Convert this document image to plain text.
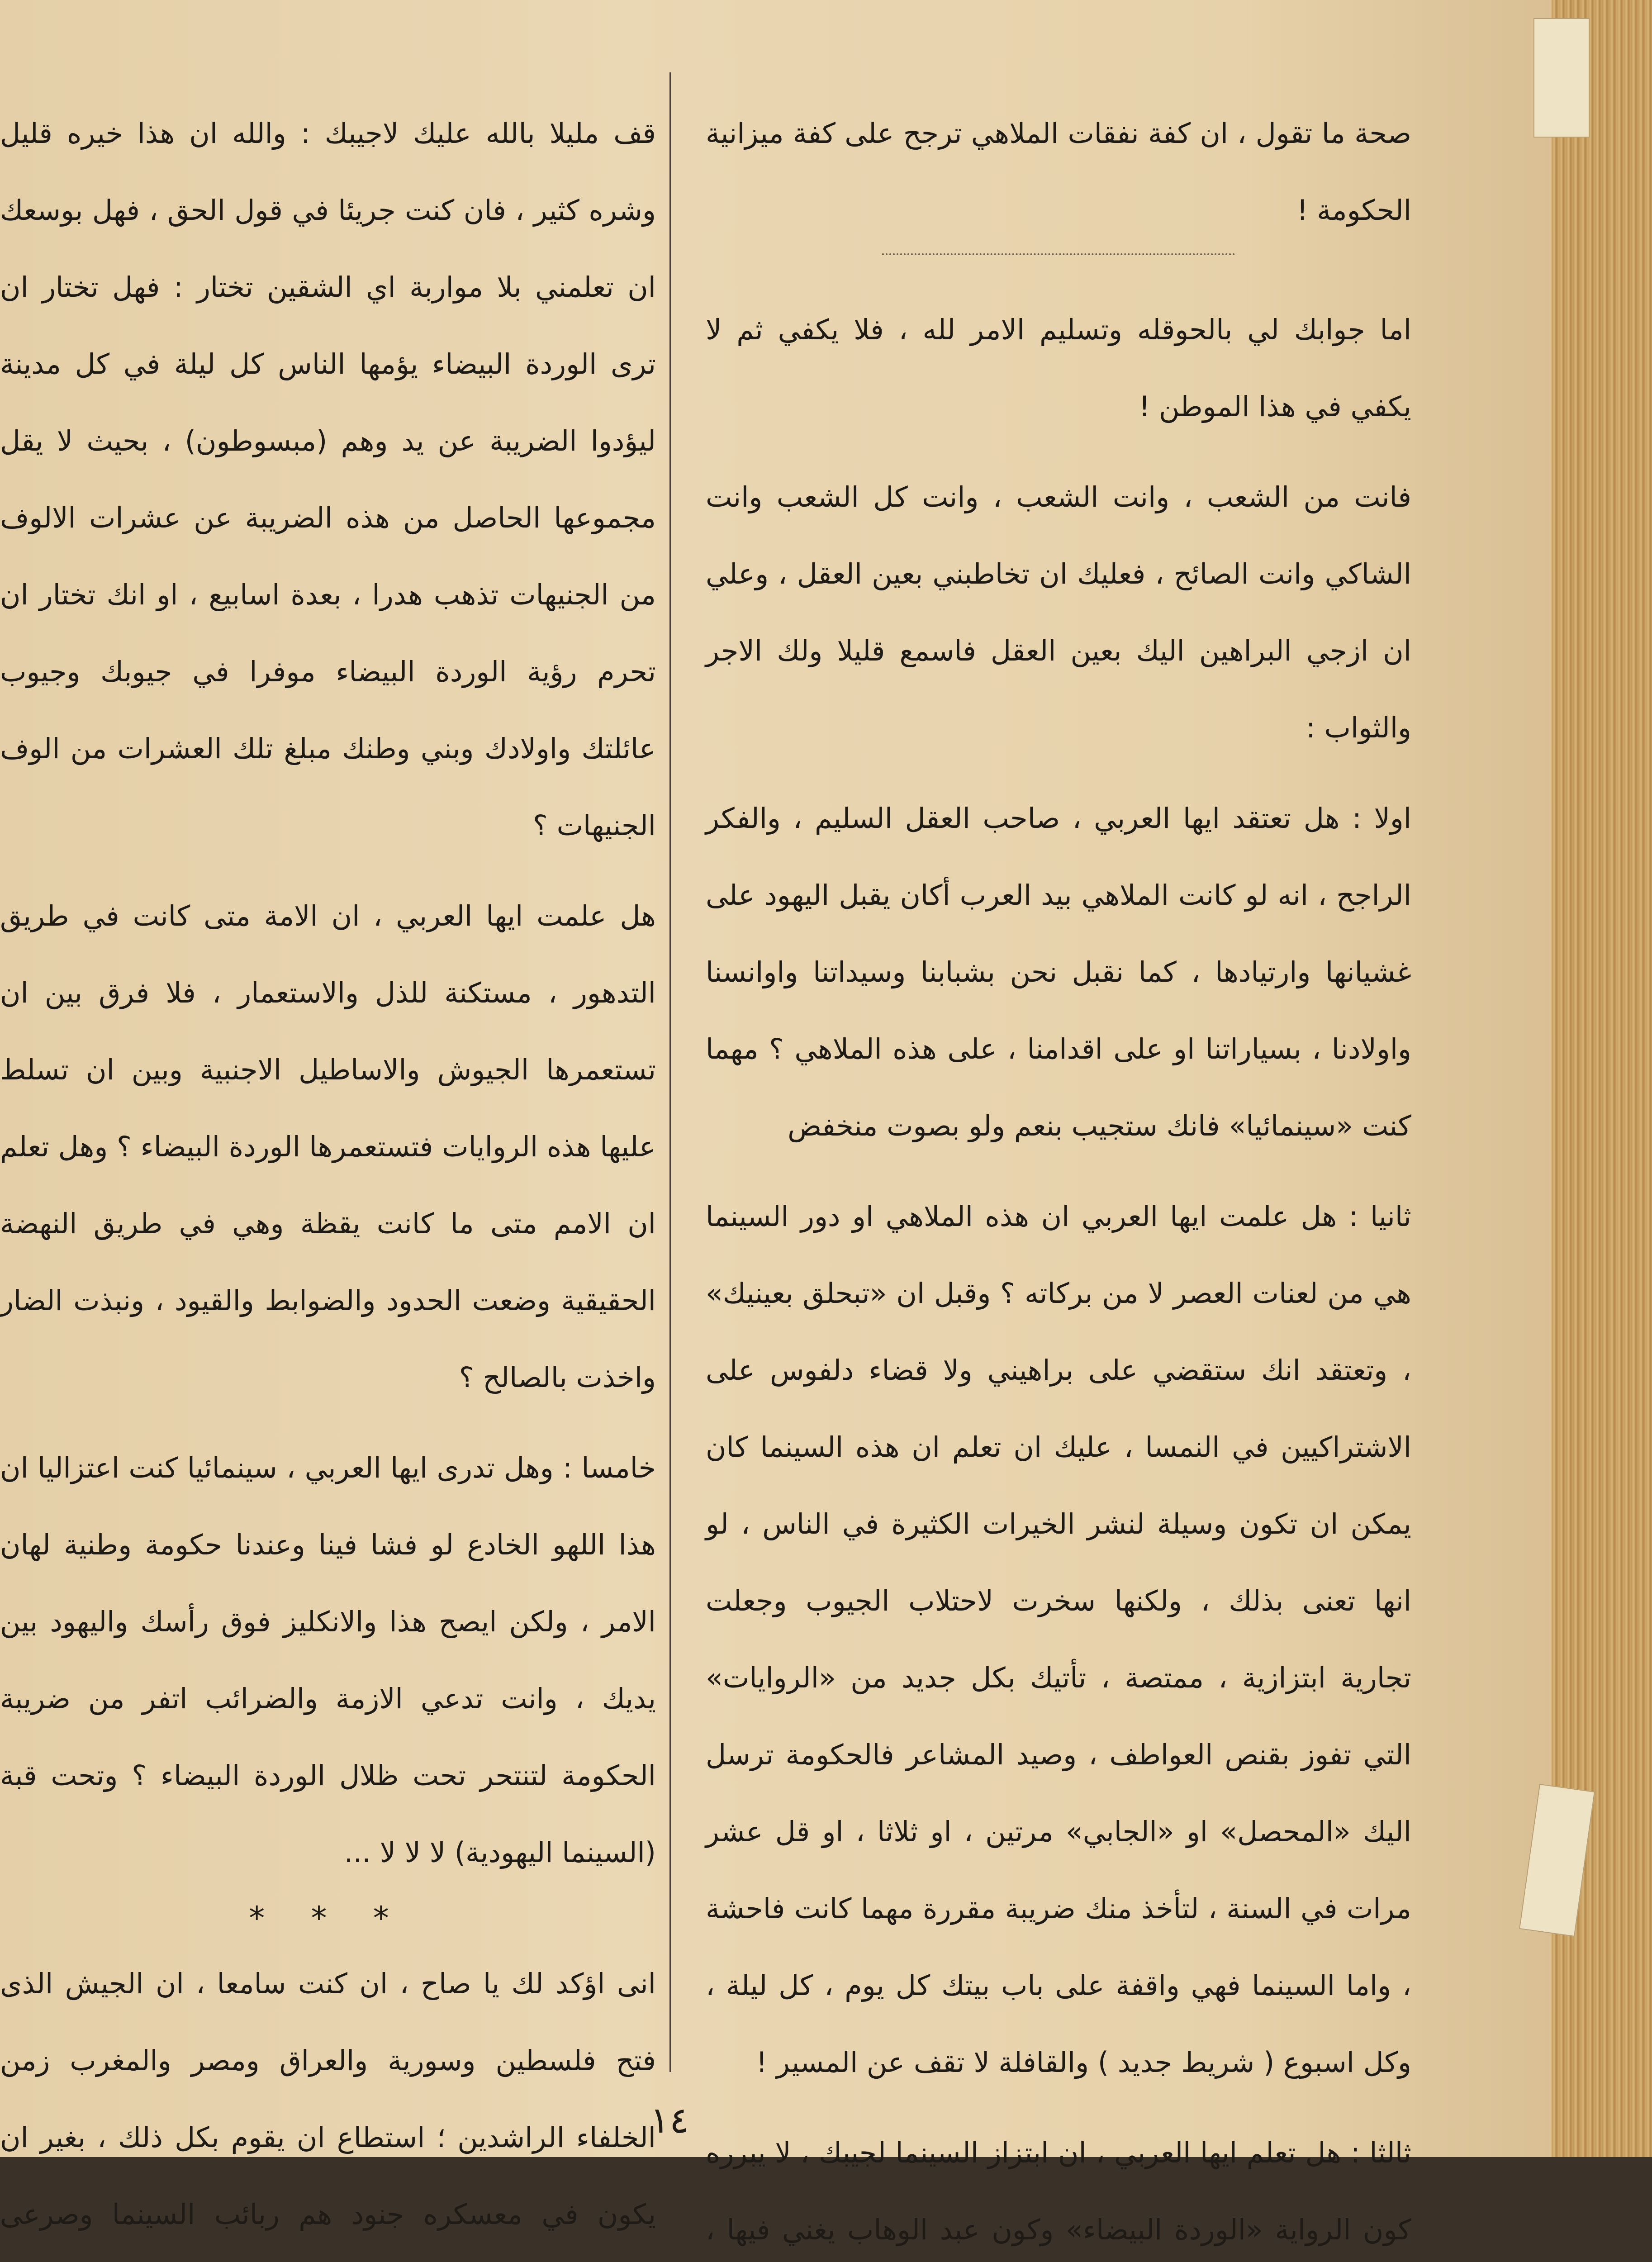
صحة ما تقول ، ان كفة نفقات الملاهي ترجح على كفة ميزانية الحكومة !

اما جوابك لي بالحوقله وتسليم الامر لله ، فلا يكفي ثم لا يكفي في هذا الموطن !

فانت من الشعب ، وانت الشعب ، وانت كل الشعب وانت الشاكي وانت الصائح ، فعليك ان تخاطبني بعين العقل ، وعلي ان ازجي البراهين اليك بعين العقل فاسمع قليلا ولك الاجر والثواب :

اولا : هل تعتقد ايها العربي ، صاحب العقل السليم ، والفكر الراجح ، انه لو كانت الملاهي بيد العرب أكان يقبل اليهود على غشيانها وارتيادها ، كما نقبل نحن بشبابنا وسيداتنا واوانسنا واولادنا ، بسياراتنا او على اقدامنا ، على هذه الملاهي ؟ مهما كنت «سينمائيا» فانك ستجيب بنعم ولو بصوت منخفض

ثانيا : هل علمت ايها العربي ان هذه الملاهي او دور السينما هي من لعنات العصر لا من بركاته ؟ وقبل ان «تبحلق بعينيك» ، وتعتقد انك ستقضي على براهيني ولا قضاء دلفوس على الاشتراكيين في النمسا ، عليك ان تعلم ان هذه السينما كان يمكن ان تكون وسيلة لنشر الخيرات الكثيرة في الناس ، لو انها تعنى بذلك ، ولكنها سخرت لاحتلاب الجيوب وجعلت تجارية ابتزازية ، ممتصة ، تأتيك بكل جديد من «الروايات» التي تفوز بقنص العواطف ، وصيد المشاعر فالحكومة ترسل اليك «المحصل» او «الجابي» مرتين ، او ثلاثا ، او قل عشر مرات في السنة ، لتأخذ منك ضريبة مقررة مهما كانت فاحشة ، واما السينما فهي واقفة على باب بيتك كل يوم ، كل ليلة ، وكل اسبوع ( شريط جديد ) والقافلة لا تقف عن المسير !

ثالثا : هل تعلم ايها العربي ، ان ابتزاز السينما لجيبك ، لا يبرره كون الرواية «الوردة البيضاء» وكون عبد الوهاب يغني فيها ،

قف مليلا بالله عليك لاجيبك : والله ان هذا خيره قليل وشره كثير ، فان كنت جريئا في قول الحق ، فهل بوسعك ان تعلمني بلا مواربة اي الشقين تختار : فهل تختار ان ترى الوردة البيضاء يؤمها الناس كل ليلة في كل مدينة ليؤدوا الضريبة عن يد وهم (مبسوطون) ، بحيث لا يقل مجموعها الحاصل من هذه الضريبة عن عشرات الالوف من الجنيهات تذهب هدرا ، بعدة اسابيع ، او انك تختار ان تحرم رؤية الوردة البيضاء موفرا في جيوبك وجيوب عائلتك واولادك وبني وطنك مبلغ تلك العشرات من الوف الجنيهات ؟

هل علمت ايها العربي ، ان الامة متى كانت في طريق التدهور ، مستكنة للذل والاستعمار ، فلا فرق بين ان تستعمرها الجيوش والاساطيل الاجنبية وبين ان تسلط عليها هذه الروايات فتستعمرها الوردة البيضاء ؟ وهل تعلم ان الامم متى ما كانت يقظة وهي في طريق النهضة الحقيقية وضعت الحدود والضوابط والقيود ، ونبذت الضار واخذت بالصالح ؟

خامسا : وهل تدرى ايها العربي ، سينمائيا كنت اعتزاليا ان هذا اللهو الخادع لو فشا فينا وعندنا حكومة وطنية لهان الامر ، ولكن ايصح هذا والانكليز فوق رأسك واليهود بين يديك ، وانت تدعي الازمة والضرائب اتفر من ضريبة الحكومة لتنتحر تحت ظلال الوردة البيضاء ؟ وتحت قبة (السينما اليهودية) لا لا لا ...

* * *

انى اؤكد لك يا صاح ، ان كنت سامعا ، ان الجيش الذى فتح فلسطين وسورية والعراق ومصر والمغرب زمن الخلفاء الراشدين ؛ استطاع ان يقوم بكل ذلك ، بغير ان يكون في معسكره جنود هم ربائب السينما وصرعى

١٤
